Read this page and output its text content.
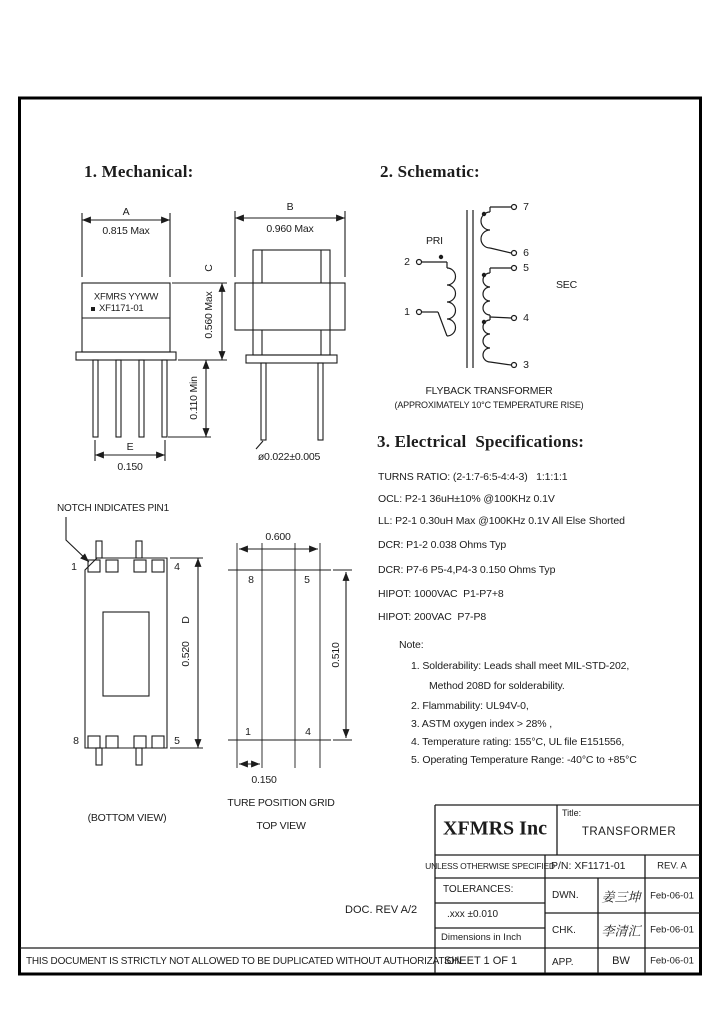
1. Mechanical:	2. Schematic:
3. Electrical  Specifications:
A
0.815 Max
XFMRS YYWW
XF1171-01
C
0.560 Max
0.110 Min
E
0.150
B
0.960 Max
ø0.022±0.005
NOTCH INDICATES PIN1
1	4
8	5
D
0.520
(BOTTOM VIEW)
0.600
8	5
1	4
0.510
0.150
TURE POSITION GRID
TOP VIEW
PRI
SEC
2
1
7
6
5
4
3
FLYBACK TRANSFORMER
(APPROXIMATELY 10°C TEMPERATURE RISE)
TURNS RATIO: (2-1:7-6:5-4:4-3)   1:1:1:1
OCL: P2-1 36uH±10% @100KHz 0.1V
LL: P2-1 0.30uH Max @100KHz 0.1V All Else Shorted
DCR: P1-2 0.038 Ohms Typ
DCR: P7-6 P5-4,P4-3 0.150 Ohms Typ
HIPOT: 1000VAC  P1-P7+8
HIPOT: 200VAC  P7-P8
Note:
1. Solderability: Leads shall meet MIL-STD-202,
Method 208D for solderability.
2. Flammability: UL94V-0,
3. ASTM oxygen index > 28% ,
4. Temperature rating: 155°C, UL file E151556,
5. Operating Temperature Range: -40°C to +85°C
DOC. REV A/2
THIS DOCUMENT IS STRICTLY NOT ALLOWED TO BE DUPLICATED WITHOUT AUTHORIZATION
XFMRS Inc
Title:
TRANSFORMER
UNLESS OTHERWISE SPECIFIED
P/N: XF1171-01	REV. A
TOLERANCES:
.xxx ±0.010
Dimensions in Inch
DWN. 姜三坤 Feb-06-01
CHK. 李清汇 Feb-06-01
SHEET 1 OF 1	APP.	BW Feb-06-01
